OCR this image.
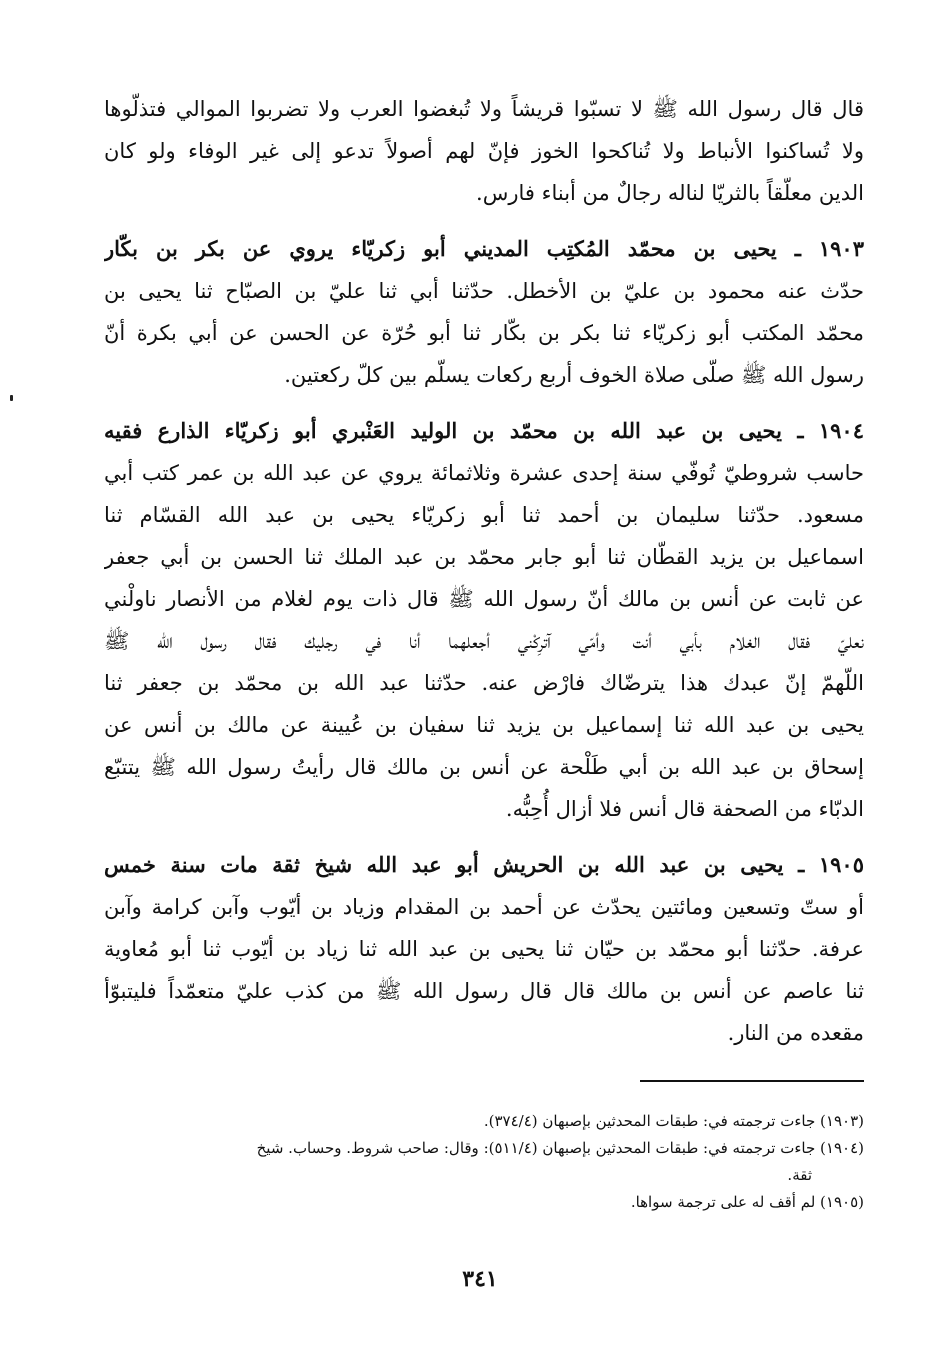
قال قال رسول الله ﷺ لا تسبّوا قريشاً ولا تُبغضوا العرب ولا تضربوا الموالي فتذلّوها
ولا تُساكنوا الأنباط ولا تُناكحوا الخوز فإنّ لهم أصولاً تدعو إلى غير الوفاء ولو كان
الدين معلّقاً بالثريّا لناله رجالٌ من أبناء فارس.
١٩٠٣ ـ يحيى بن محمّد المُكتِب المديني أبو زكريّاء يروي عن بكر بن بكّار
حدّث عنه محمود بن عليّ بن الأخطل. حدّثنا أبي ثنا عليّ بن الصبّاح ثنا يحيى بن
محمّد المكتب أبو زكريّاء ثنا بكر بن بكّار ثنا أبو حُرّة عن الحسن عن أبي بكرة أنّ
رسول الله ﷺ صلّى صلاة الخوف أربع ركعات يسلّم بين كلّ ركعتين.
١٩٠٤ ـ يحيى بن عبد الله بن محمّد بن الوليد العَنْبري أبو زكريّاء الذارع فقيه
حاسب شروطيّ تُوفّي سنة إحدى عشرة وثلاثمائة يروي عن عبد الله بن عمر كتب أبي
مسعود. حدّثنا سليمان بن أحمد ثنا أبو زكريّاء يحيى بن عبد الله القسّام ثنا
اسماعيل بن يزيد القطّان ثنا أبو جابر محمّد بن عبد الملك ثنا الحسن بن أبي جعفر
عن ثابت عن أنس بن مالك أنّ رسول الله ﷺ قال ذات يوم لغلام من الأنصار ناولْني
نعليّ فقال الغلام بأبي أنت وأمّي آترِكْني أجعلهما أنا في رجليك فقال رسول الله ﷺ
اللّهمّ إنّ عبدك هذا يترضّاك فارْض عنه. حدّثنا عبد الله بن محمّد بن جعفر ثنا
يحيى بن عبد الله ثنا إسماعيل بن يزيد ثنا سفيان بن عُيينة عن مالك بن أنس عن
إسحاق بن عبد الله بن أبي طَلْحة عن أنس بن مالك قال رأيتُ رسول الله ﷺ يتتبّع
الدبّاء من الصحفة قال أنس فلا أزال أُحِبُّه.
١٩٠٥ ـ يحيى بن عبد الله بن الحريش أبو عبد الله شيخ ثقة مات سنة خمس
أو ستّ وتسعين ومائتين يحدّث عن أحمد بن المقدام وزياد بن أيّوب وآبن كرامة وآبن
عرفة. حدّثنا أبو محمّد بن حيّان ثنا يحيى بن عبد الله ثنا زياد بن أيّوب ثنا أبو مُعاوية
ثنا عاصم عن أنس بن مالك قال قال رسول الله ﷺ من كذب عليّ متعمّداً فليتبوّأ
مقعده من النار.
(١٩٠٣) جاءت ترجمته في: طبقات المحدثين بإصبهان (٣٧٤/٤).
(١٩٠٤) جاءت ترجمته في: طبقات المحدثين بإصبهان (٥١١/٤): وقال: صاحب شروط. وحساب. شيخ
ثقة.
(١٩٠٥) لم أقف له على ترجمة سواها.
٣٤١
